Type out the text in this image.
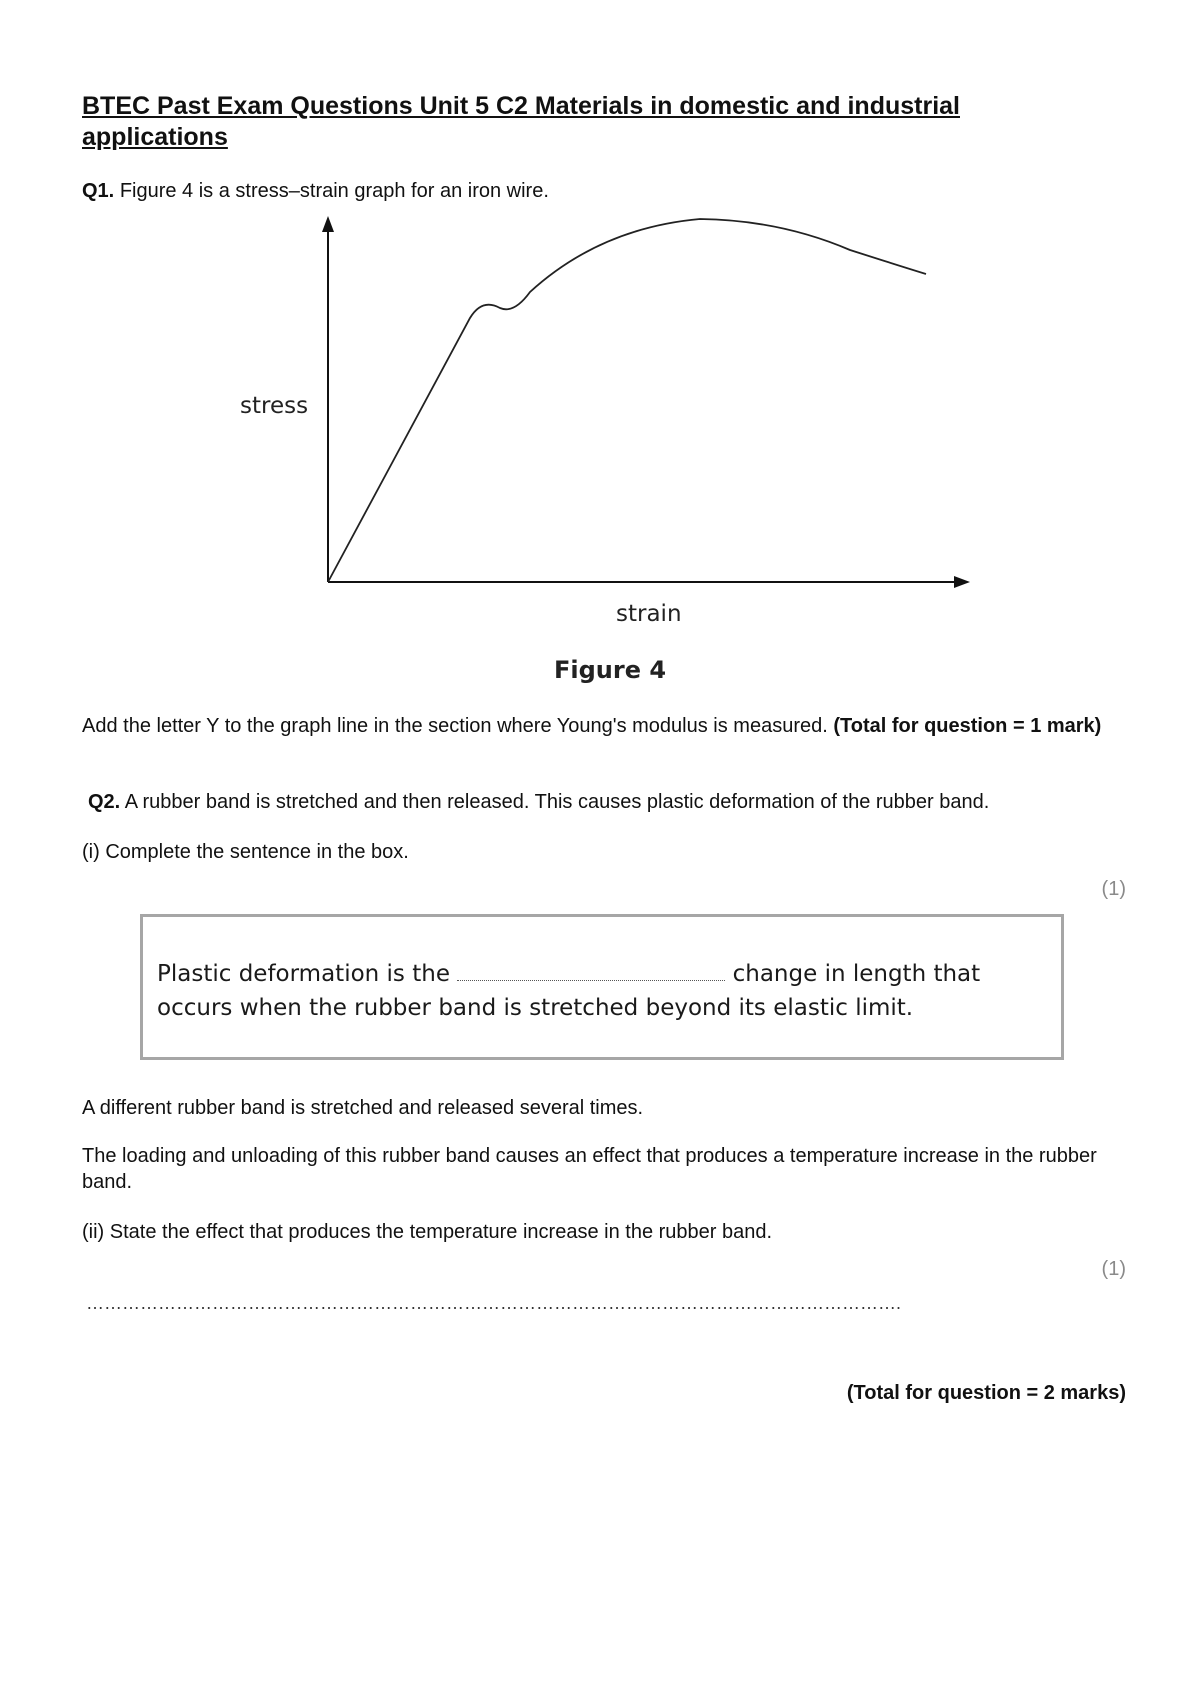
BTEC Past Exam Questions Unit 5 C2 Materials in domestic and industrial applications

Q1. Figure 4 is a stress–strain graph for an iron wire.

stress
strain
Figure 4

Add the letter Y to the graph line in the section where Young's modulus is measured. (Total for question = 1 mark)

Q2. A rubber band is stretched and then released. This causes plastic deformation of the rubber band.

(i) Complete the sentence in the box.

(1)
Plastic deformation is the	change in length that
occurs when the rubber band is stretched beyond its elastic limit.

A different rubber band is stretched and released several times.

The loading and unloading of this rubber band causes an effect that produces a temperature increase in the rubber band.

(ii) State the effect that produces the temperature increase in the rubber band.

(1)
……………………………………………………………………………………………………………………….

(Total for question = 2 marks)
